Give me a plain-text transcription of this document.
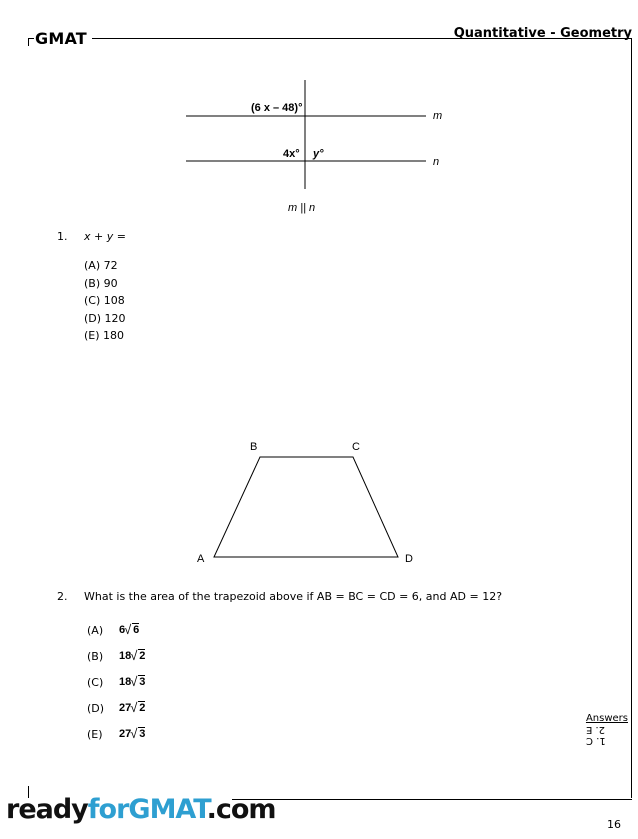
GMAT	Quantitative - Geometry
(6 x – 48)°
4x° y°
m
n
m || n
1. x + y =
(A) 72
(B) 90
(C) 108
(D) 120
(E) 180
B	C
A	D
2. What is the area of the trapezoid above if AB = BC = CD = 6, and AD = 12?
(A)	6 √ 6
(B)	18 √ 2
(C)	18 √ 3
(D)	27 √ 2
(E)	27 √ 3
Answers
2. E
1. C
readyforGMAT.com	16
